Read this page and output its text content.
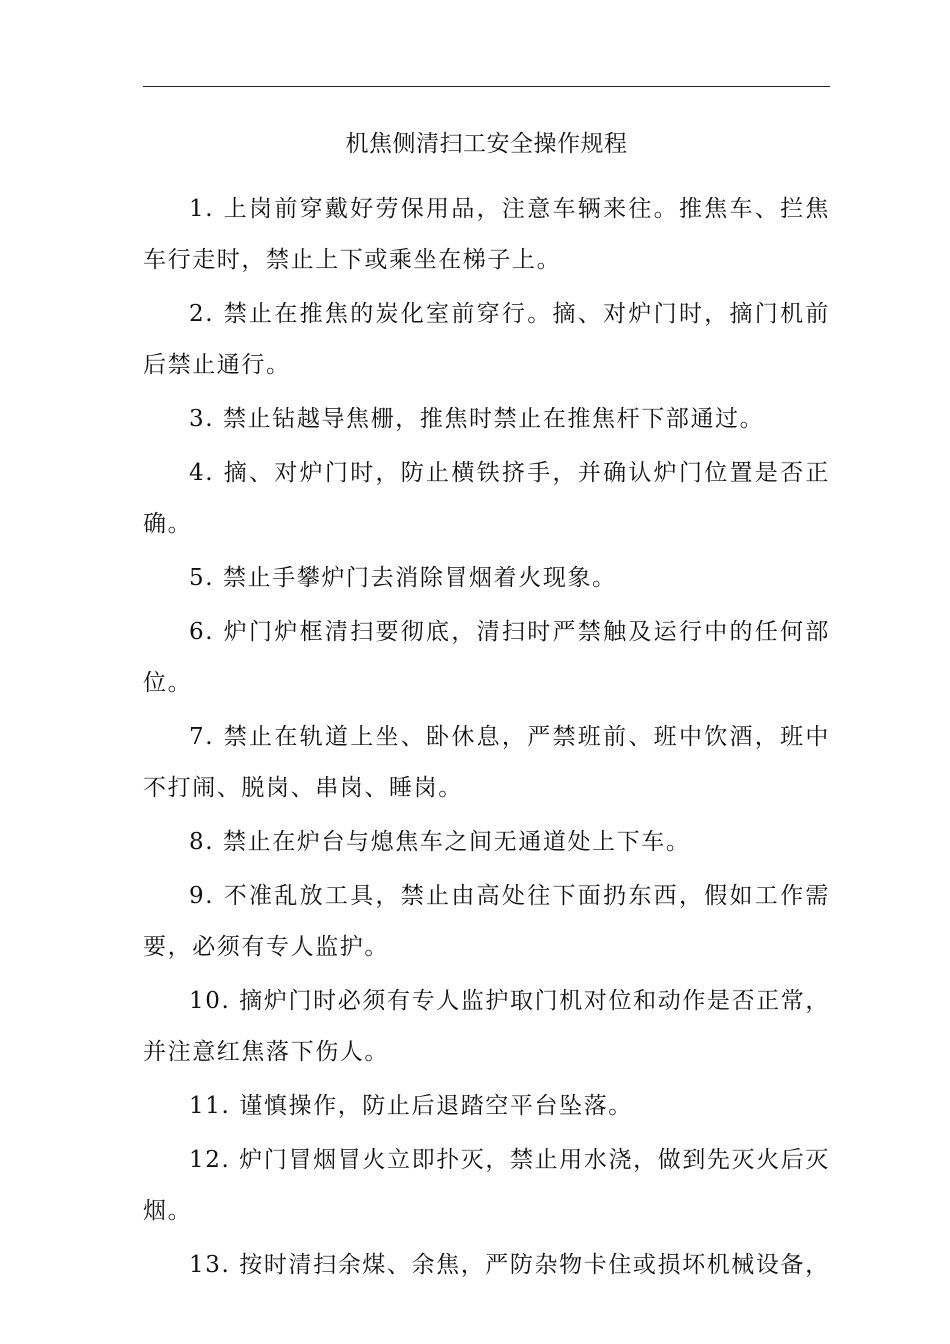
机焦侧清扫工安全操作规程

1. 上岗前穿戴好劳保用品，注意车辆来往。推焦车、拦焦车行走时，禁止上下或乘坐在梯子上。

2. 禁止在推焦的炭化室前穿行。摘、对炉门时，摘门机前后禁止通行。

3. 禁止钻越导焦栅，推焦时禁止在推焦杆下部通过。

4. 摘、对炉门时，防止横铁挤手，并确认炉门位置是否正确。

5. 禁止手攀炉门去消除冒烟着火现象。

6. 炉门炉框清扫要彻底，清扫时严禁触及运行中的任何部位。

7. 禁止在轨道上坐、卧休息，严禁班前、班中饮酒，班中不打闹、脱岗、串岗、睡岗。

8. 禁止在炉台与熄焦车之间无通道处上下车。

9. 不准乱放工具，禁止由高处往下面扔东西，假如工作需要，必须有专人监护。

10. 摘炉门时必须有专人监护取门机对位和动作是否正常，并注意红焦落下伤人。

11. 谨慎操作，防止后退踏空平台坠落。

12. 炉门冒烟冒火立即扑灭，禁止用水浇，做到先灭火后灭烟。

13. 按时清扫余煤、余焦，严防杂物卡住或损坏机械设备，
